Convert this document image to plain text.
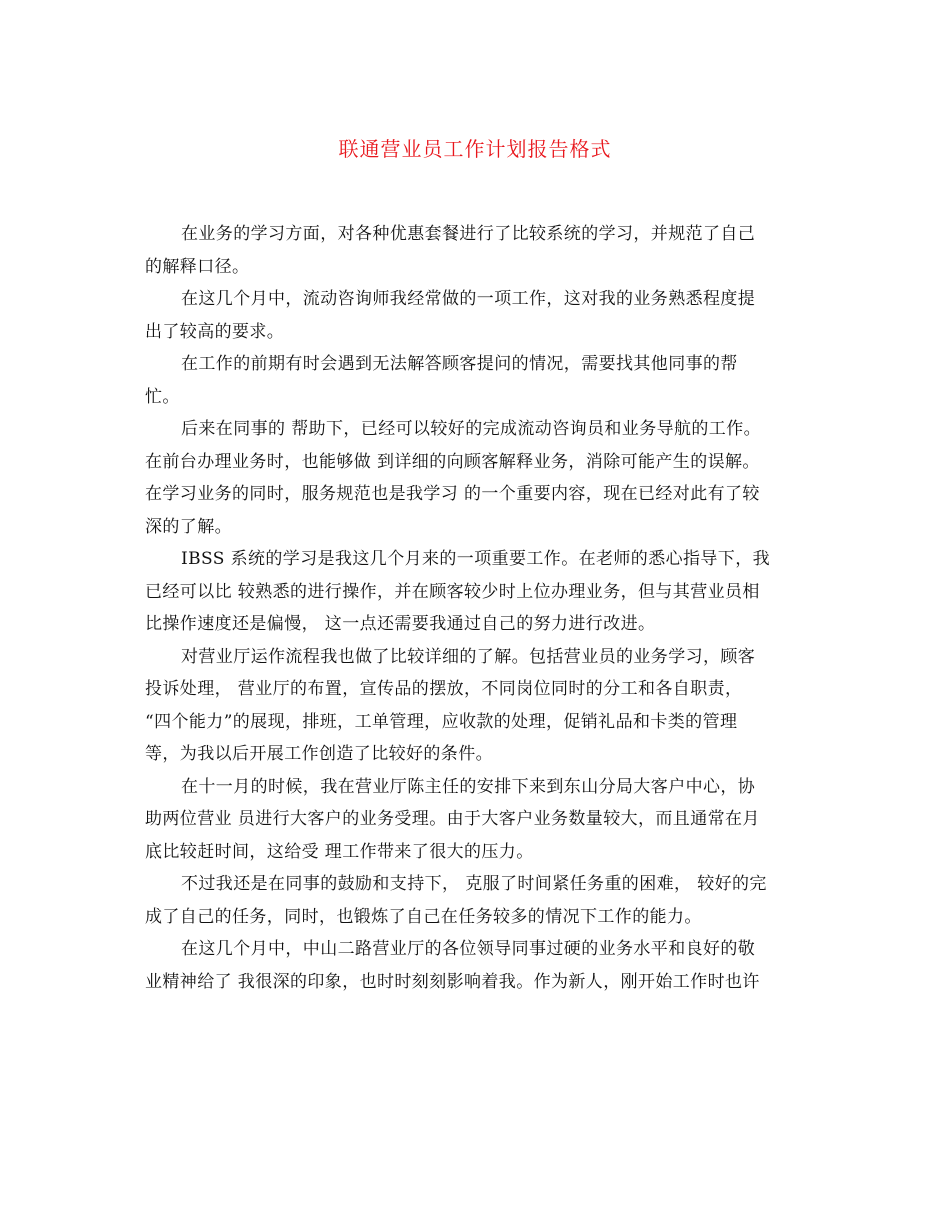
联通营业员工作计划报告格式

在业务的学习方面，对各种优惠套餐进行了比较系统的学习，并规范了自己
的解释口径。

在这几个月中，流动咨询师我经常做的一项工作，这对我的业务熟悉程度提
出了较高的要求。

在工作的前期有时会遇到无法解答顾客提问的情况，需要找其他同事的帮
忙。

后来在同事的 帮助下，已经可以较好的完成流动咨询员和业务导航的工作。
在前台办理业务时，也能够做 到详细的向顾客解释业务，消除可能产生的误解。
在学习业务的同时，服务规范也是我学习 的一个重要内容，现在已经对此有了较
深的了解。

IBSS 系统的学习是我这几个月来的一项重要工作。在老师的悉心指导下，我
已经可以比 较熟悉的进行操作，并在顾客较少时上位办理业务，但与其营业员相
比操作速度还是偏慢， 这一点还需要我通过自己的努力进行改进。

对营业厅运作流程我也做了比较详细的了解。包括营业员的业务学习，顾客
投诉处理， 营业厅的布置，宣传品的摆放，不同岗位同时的分工和各自职责，
“四个能力”的展现，排班，工单管理，应收款的处理，促销礼品和卡类的管理
等，为我以后开展工作创造了比较好的条件。

在十一月的时候，我在营业厅陈主任的安排下来到东山分局大客户中心，协
助两位营业 员进行大客户的业务受理。由于大客户业务数量较大，而且通常在月
底比较赶时间，这给受 理工作带来了很大的压力。

不过我还是在同事的鼓励和支持下， 克服了时间紧任务重的困难， 较好的完
成了自己的任务，同时，也锻炼了自己在任务较多的情况下工作的能力。

在这几个月中，中山二路营业厅的各位领导同事过硬的业务水平和良好的敬
业精神给了 我很深的印象，也时时刻刻影响着我。作为新人，刚开始工作时也许
